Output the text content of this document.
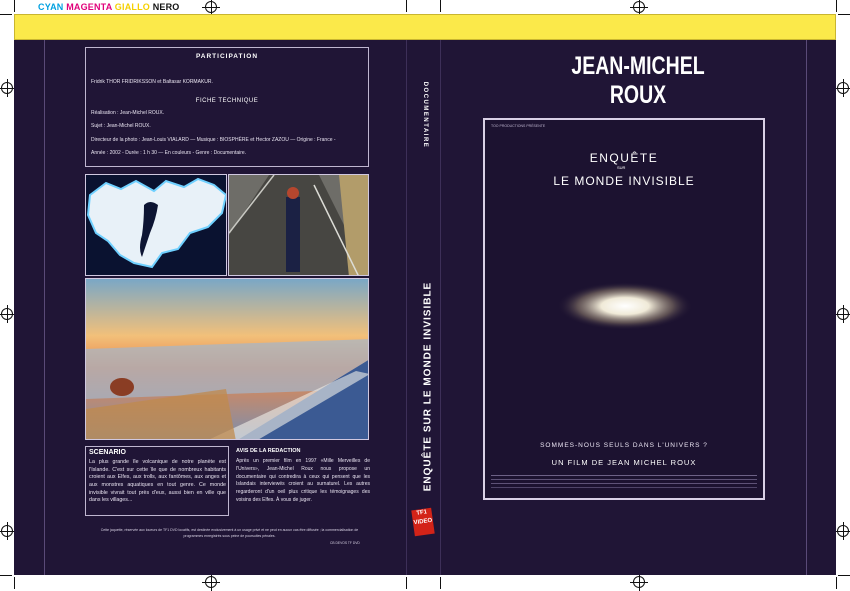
CYAN MAGENTA GIALLO NERO
PARTICIPATION
Fridrik THOR FRIDRIKSSON et Baltasar KORMAKUR.
FICHE TECHNIQUE
Réalisation : Jean-Michel ROUX.
Sujet : Jean-Michel ROUX.
Directeur de la photo : Jean-Louis VIALARD — Musique : BIOSPHÈRE et Hector ZAZOU — Origine : France -
Année : 2002 - Durée : 1 h 30 — En couleurs - Genre : Documentaire.
SCENARIO
La plus grande île volcanique de notre planète est l'Islande. C'est sur cette île que de nombreux habitants croient aux Elfes, aux trolls, aux fantômes, aux anges et aux monstres aquatiques en tout genre. Ce monde invisible vivrait tout près d'eux, aussi bien en ville que dans les villages...
AVIS DE LA REDACTION
Après un premier film en 1997 «Mille Merveilles de l'Univers», Jean-Michel Roux nous propose un documentaire qui contredira à ceux qui pensent que les Islandais interviewés croient au surnaturel. Les autres regarderont d'un oeil plus critique les témoignages des voisins des Elfes. À vous de juger.
Cette jaquette, réservée aux loueurs de TF1 DVD locatifs, est destinée exclusivement à un usage privé et ne peut en aucun cas être diffusée ; la commercialisation de programmes enregistrés sous peine de poursuites pénales.
CB DEVOS TF DVD
DOCUMENTAIRE
ENQUÊTE SUR LE MONDE INVISIBLE
TF1
VIDEO
JEAN-MICHEL
ROUX
TOO PRODUCTIONS PRÉSENTE
ENQUÊTE
SUR
LE MONDE INVISIBLE
SOMMES-NOUS SEULS DANS L'UNIVERS ?
UN FILM DE JEAN MICHEL ROUX
